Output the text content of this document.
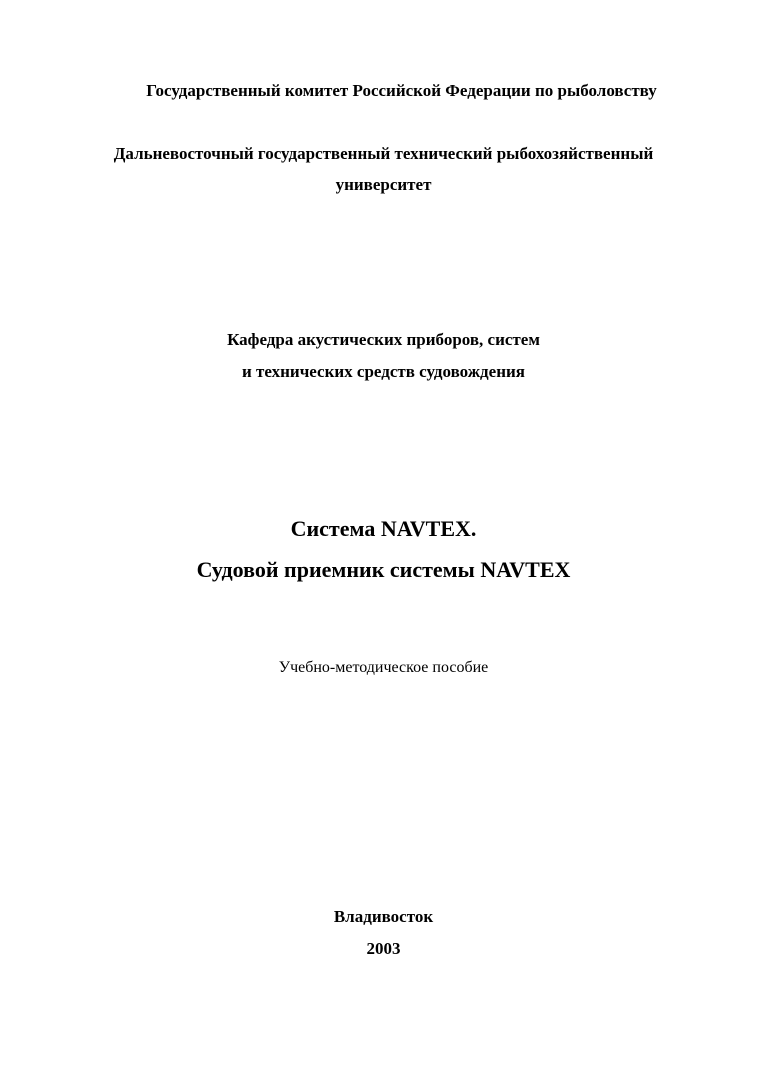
Государственный комитет Российской Федерации по рыболовству
Дальневосточный государственный технический рыбохозяйственный
университет
Кафедра акустических приборов, систем
и технических средств судовождения
Система NAVTEX.
Судовой приемник системы NAVTEX
Учебно-методическое пособие
Владивосток
2003
